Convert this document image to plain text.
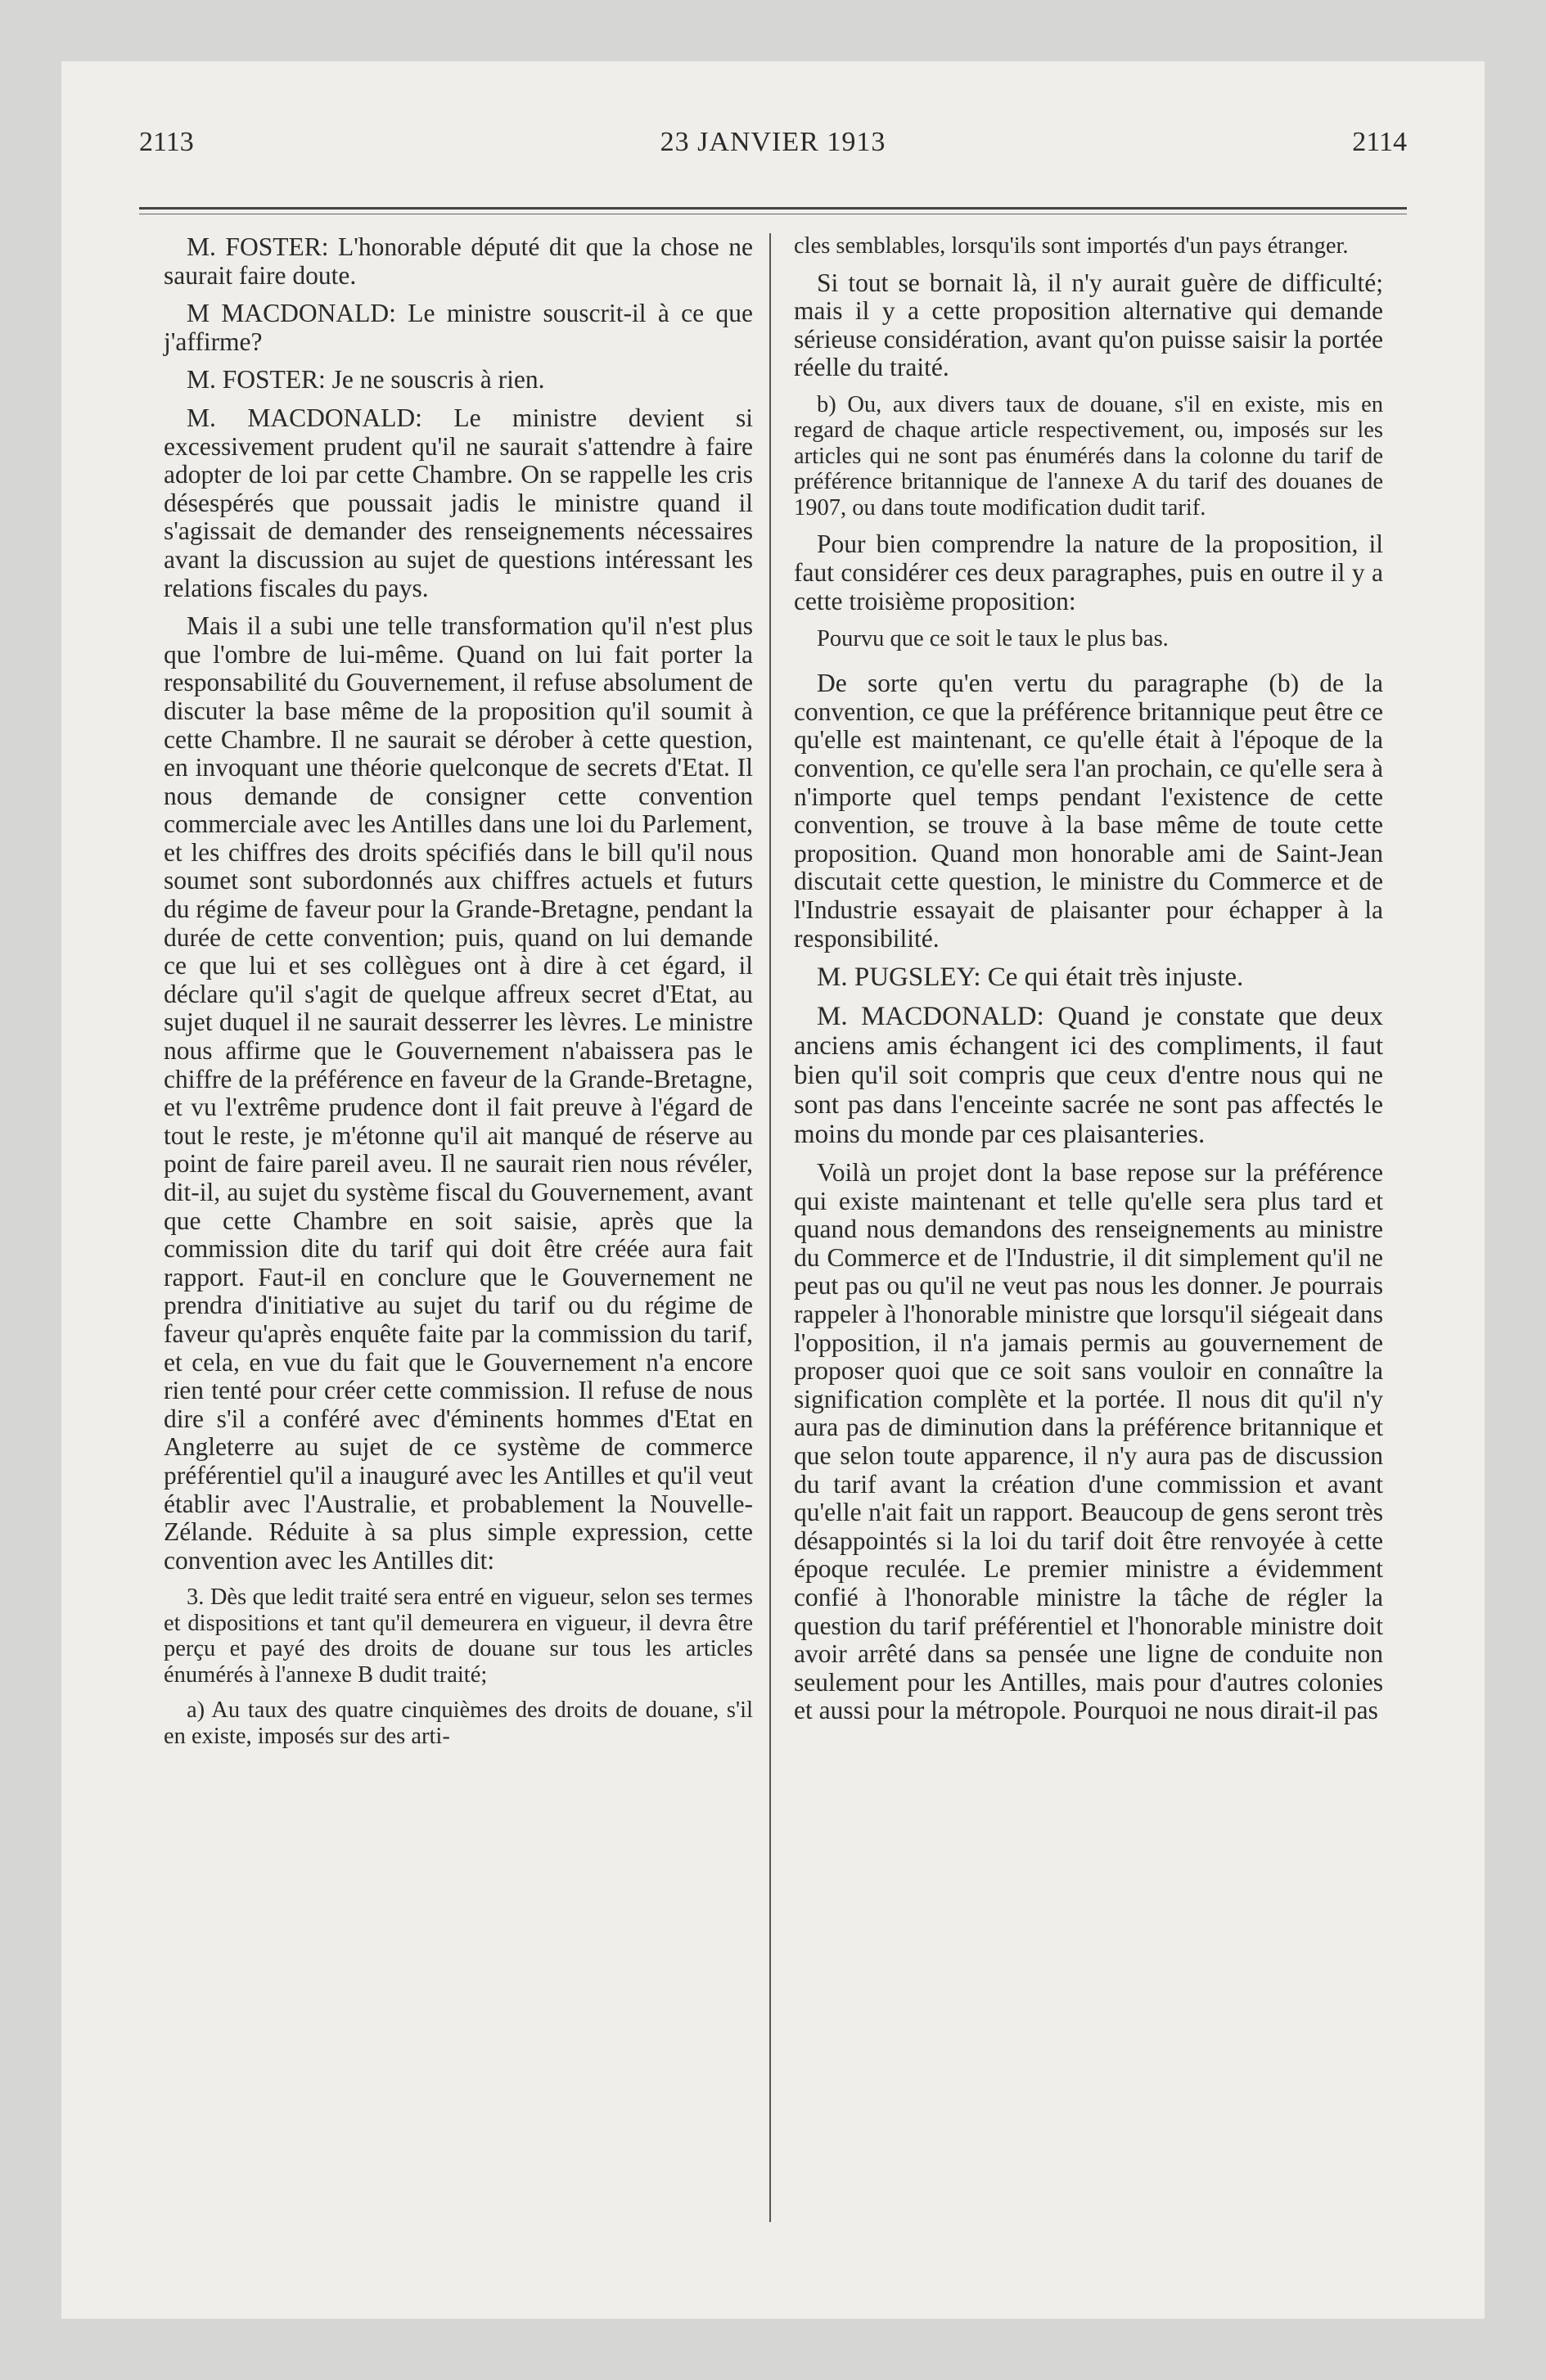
2113	23 JANVIER 1913	2114

M. FOSTER: L'honorable député dit que la chose ne saurait faire doute.

M MACDONALD: Le ministre souscrit-il à ce que j'affirme?

M. FOSTER: Je ne souscris à rien.

M. MACDONALD: Le ministre devient si excessivement prudent qu'il ne saurait s'attendre à faire adopter de loi par cette Chambre. On se rappelle les cris désespérés que poussait jadis le ministre quand il s'agissait de demander des renseignements nécessaires avant la discussion au sujet de questions intéressant les relations fiscales du pays.

Mais il a subi une telle transformation qu'il n'est plus que l'ombre de lui-même. Quand on lui fait porter la responsabilité du Gouvernement, il refuse absolument de discuter la base même de la proposition qu'il soumit à cette Chambre. Il ne saurait se dérober à cette question, en invoquant une théorie quelconque de secrets d'Etat. Il nous demande de consigner cette convention commerciale avec les Antilles dans une loi du Parlement, et les chiffres des droits spécifiés dans le bill qu'il nous soumet sont subordonnés aux chiffres actuels et futurs du régime de faveur pour la Grande-Bretagne, pendant la durée de cette convention; puis, quand on lui demande ce que lui et ses collègues ont à dire à cet égard, il déclare qu'il s'agit de quelque affreux secret d'Etat, au sujet duquel il ne saurait desserrer les lèvres. Le ministre nous affirme que le Gouvernement n'abaissera pas le chiffre de la préférence en faveur de la Grande-Bretagne, et vu l'extrême prudence dont il fait preuve à l'égard de tout le reste, je m'étonne qu'il ait manqué de réserve au point de faire pareil aveu. Il ne saurait rien nous révéler, dit-il, au sujet du système fiscal du Gouvernement, avant que cette Chambre en soit saisie, après que la commission dite du tarif qui doit être créée aura fait rapport. Faut-il en conclure que le Gouvernement ne prendra d'initiative au sujet du tarif ou du régime de faveur qu'après enquête faite par la commission du tarif, et cela, en vue du fait que le Gouvernement n'a encore rien tenté pour créer cette commission. Il refuse de nous dire s'il a conféré avec d'éminents hommes d'Etat en Angleterre au sujet de ce système de commerce préférentiel qu'il a inauguré avec les Antilles et qu'il veut établir avec l'Australie, et probablement la Nouvelle-Zélande. Réduite à sa plus simple expression, cette convention avec les Antilles dit:

3. Dès que ledit traité sera entré en vigueur, selon ses termes et dispositions et tant qu'il demeurera en vigueur, il devra être perçu et payé des droits de douane sur tous les articles énumérés à l'annexe B dudit traité;

a) Au taux des quatre cinquièmes des droits de douane, s'il en existe, imposés sur des arti-

cles semblables, lorsqu'ils sont importés d'un pays étranger.

Si tout se bornait là, il n'y aurait guère de difficulté; mais il y a cette proposition alternative qui demande sérieuse considération, avant qu'on puisse saisir la portée réelle du traité.

b) Ou, aux divers taux de douane, s'il en existe, mis en regard de chaque article respectivement, ou, imposés sur les articles qui ne sont pas énumérés dans la colonne du tarif de préférence britannique de l'annexe A du tarif des douanes de 1907, ou dans toute modification dudit tarif.

Pour bien comprendre la nature de la proposition, il faut considérer ces deux paragraphes, puis en outre il y a cette troisième proposition:

Pourvu que ce soit le taux le plus bas.

De sorte qu'en vertu du paragraphe (b) de la convention, ce que la préférence britannique peut être ce qu'elle est maintenant, ce qu'elle était à l'époque de la convention, ce qu'elle sera l'an prochain, ce qu'elle sera à n'importe quel temps pendant l'existence de cette convention, se trouve à la base même de toute cette proposition. Quand mon honorable ami de Saint-Jean discutait cette question, le ministre du Commerce et de l'Industrie essayait de plaisanter pour échapper à la responsibilité.

M. PUGSLEY: Ce qui était très injuste.

M. MACDONALD: Quand je constate que deux anciens amis échangent ici des compliments, il faut bien qu'il soit compris que ceux d'entre nous qui ne sont pas dans l'enceinte sacrée ne sont pas affectés le moins du monde par ces plaisanteries.

Voilà un projet dont la base repose sur la préférence qui existe maintenant et telle qu'elle sera plus tard et quand nous demandons des renseignements au ministre du Commerce et de l'Industrie, il dit simplement qu'il ne peut pas ou qu'il ne veut pas nous les donner. Je pourrais rappeler à l'honorable ministre que lorsqu'il siégeait dans l'opposition, il n'a jamais permis au gouvernement de proposer quoi que ce soit sans vouloir en connaître la signification complète et la portée. Il nous dit qu'il n'y aura pas de diminution dans la préférence britannique et que selon toute apparence, il n'y aura pas de discussion du tarif avant la création d'une commission et avant qu'elle n'ait fait un rapport. Beaucoup de gens seront très désappointés si la loi du tarif doit être renvoyée à cette époque reculée. Le premier ministre a évidemment confié à l'honorable ministre la tâche de régler la question du tarif préférentiel et l'honorable ministre doit avoir arrêté dans sa pensée une ligne de conduite non seulement pour les Antilles, mais pour d'autres colonies et aussi pour la métropole. Pourquoi ne nous dirait-il pas
